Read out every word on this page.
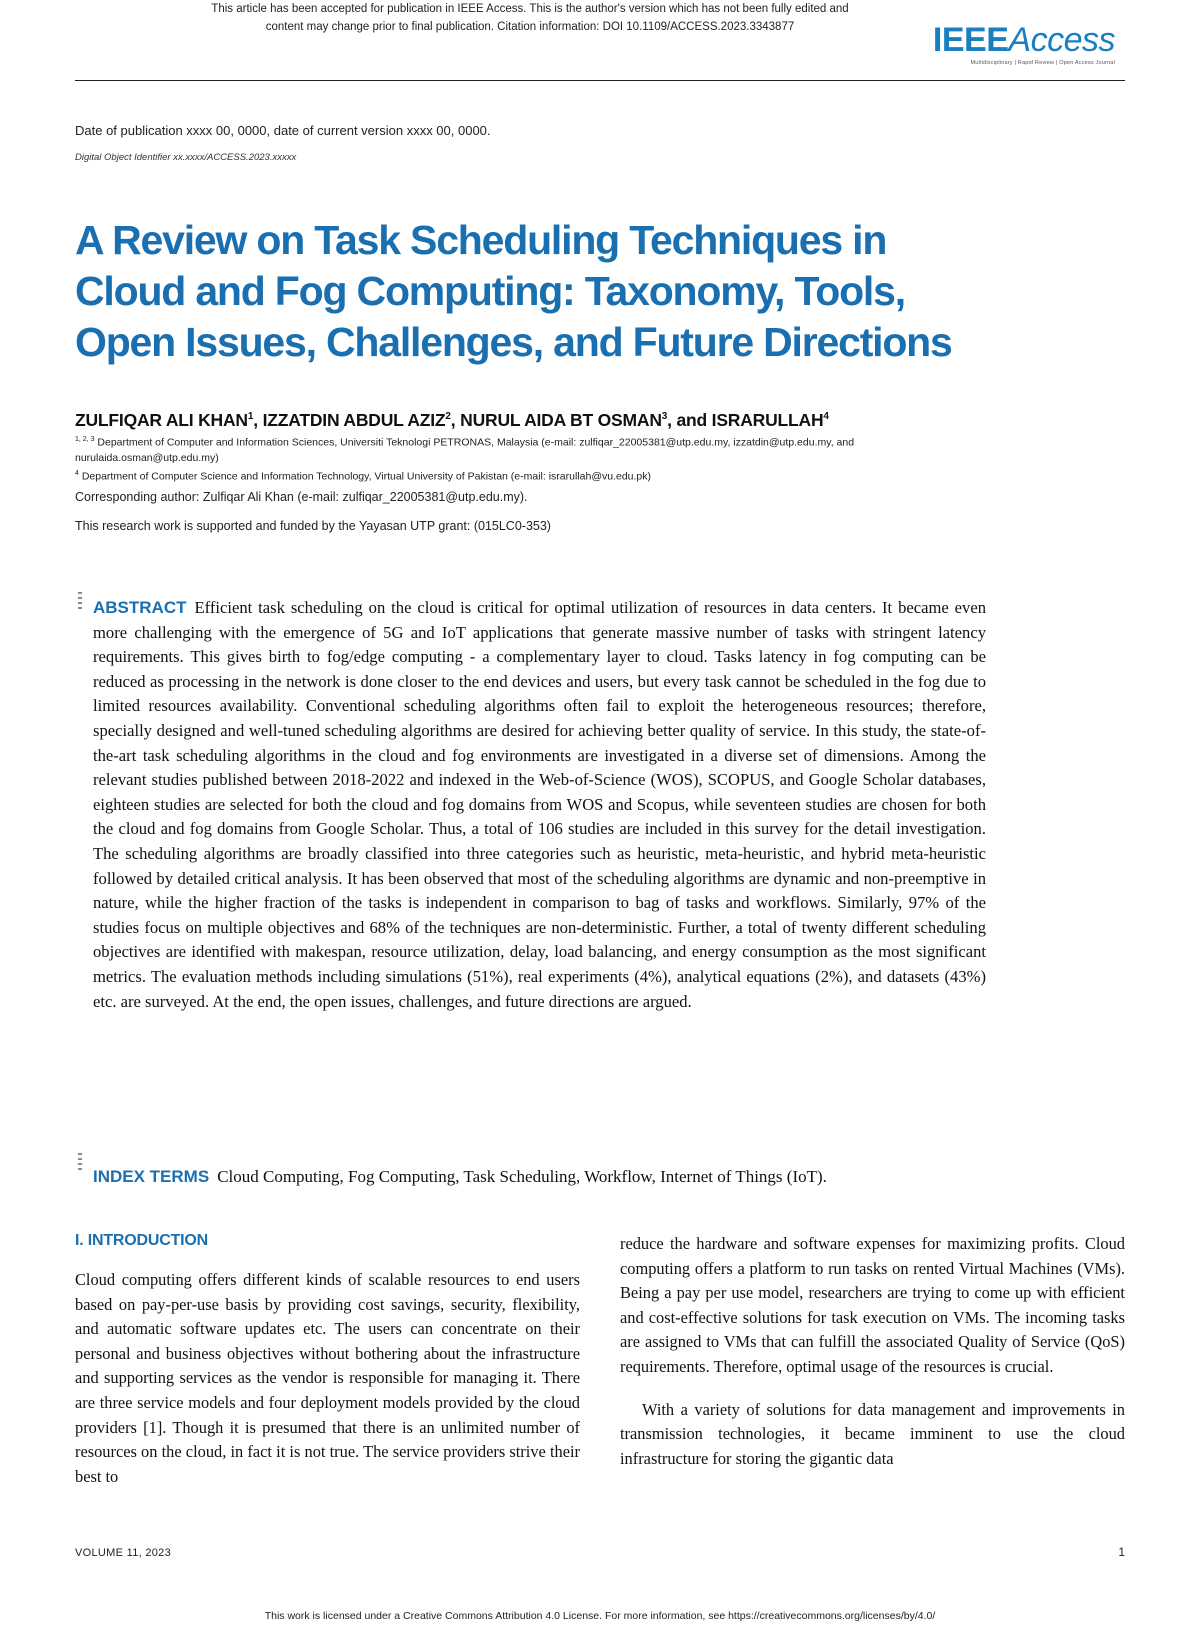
This article has been accepted for publication in IEEE Access. This is the author's version which has not been fully edited and
content may change prior to final publication. Citation information: DOI 10.1109/ACCESS.2023.3343877	IEEEAccess
Multidisciplinary | Rapid Review | Open Access Journal
Date of publication xxxx 00, 0000, date of current version xxxx 00, 0000.
Digital Object Identifier xx.xxxx/ACCESS.2023.xxxxx
A Review on Task Scheduling Techniques in
Cloud and Fog Computing: Taxonomy, Tools,
Open Issues, Challenges, and Future Directions
ZULFIQAR ALI KHAN$^1$, IZZATDIN ABDUL AZIZ$^2$, NURUL AIDA BT OSMAN$^3$, and ISRARULLAH$^4$
$^{1, 2, 3}$ Department of Computer and Information Sciences, Universiti Teknologi PETRONAS, Malaysia (e-mail: zulfiqar_22005381@utp.edu.my, izzatdin@utp.edu.my, and nurulaida.osman@utp.edu.my)
$^4$ Department of Computer Science and Information Technology, Virtual University of Pakistan (e-mail: israrullah@vu.edu.pk)
Corresponding author: Zulfiqar Ali Khan (e-mail: zulfiqar_22005381@utp.edu.my).
This research work is supported and funded by the Yayasan UTP grant: (015LC0-353)
ABSTRACT Efficient task scheduling on the cloud is critical for optimal utilization of resources in data centers. It became even more challenging with the emergence of 5G and IoT applications that generate massive number of tasks with stringent latency requirements. This gives birth to fog/edge computing - a complementary layer to cloud. Tasks latency in fog computing can be reduced as processing in the network is done closer to the end devices and users, but every task cannot be scheduled in the fog due to limited resources availability. Conventional scheduling algorithms often fail to exploit the heterogeneous resources; therefore, specially designed and well-tuned scheduling algorithms are desired for achieving better quality of service. In this study, the state-of-the-art task scheduling algorithms in the cloud and fog environments are investigated in a diverse set of dimensions. Among the relevant studies published between 2018-2022 and indexed in the Web-of-Science (WOS), SCOPUS, and Google Scholar databases, eighteen studies are selected for both the cloud and fog domains from WOS and Scopus, while seventeen studies are chosen for both the cloud and fog domains from Google Scholar. Thus, a total of 106 studies are included in this survey for the detail investigation. The scheduling algorithms are broadly classified into three categories such as heuristic, meta-heuristic, and hybrid meta-heuristic followed by detailed critical analysis. It has been observed that most of the scheduling algorithms are dynamic and non-preemptive in nature, while the higher fraction of the tasks is independent in comparison to bag of tasks and workflows. Similarly, 97% of the studies focus on multiple objectives and 68% of the techniques are non-deterministic. Further, a total of twenty different scheduling objectives are identified with makespan, resource utilization, delay, load balancing, and energy consumption as the most significant metrics. The evaluation methods including simulations (51%), real experiments (4%), analytical equations (2%), and datasets (43%) etc. are surveyed. At the end, the open issues, challenges, and future directions are argued.
INDEX TERMS Cloud Computing, Fog Computing, Task Scheduling, Workflow, Internet of Things (IoT).
I. INTRODUCTION

Cloud computing offers different kinds of scalable resources to end users based on pay-per-use basis by providing cost savings, security, flexibility, and automatic software updates etc. The users can concentrate on their personal and business objectives without bothering about the infrastructure and supporting services as the vendor is responsible for managing it. There are three service models and four deployment models provided by the cloud providers [1]. Though it is presumed that there is an unlimited number of resources on the cloud, in fact it is not true. The service providers strive their best to

reduce the hardware and software expenses for maximizing profits. Cloud computing offers a platform to run tasks on rented Virtual Machines (VMs). Being a pay per use model, researchers are trying to come up with efficient and cost-effective solutions for task execution on VMs. The incoming tasks are assigned to VMs that can fulfill the associated Quality of Service (QoS) requirements. Therefore, optimal usage of the resources is crucial.

With a variety of solutions for data management and improvements in transmission technologies, it became imminent to use the cloud infrastructure for storing the gigantic data

VOLUME 11, 2023	1
This work is licensed under a Creative Commons Attribution 4.0 License. For more information, see https://creativecommons.org/licenses/by/4.0/
